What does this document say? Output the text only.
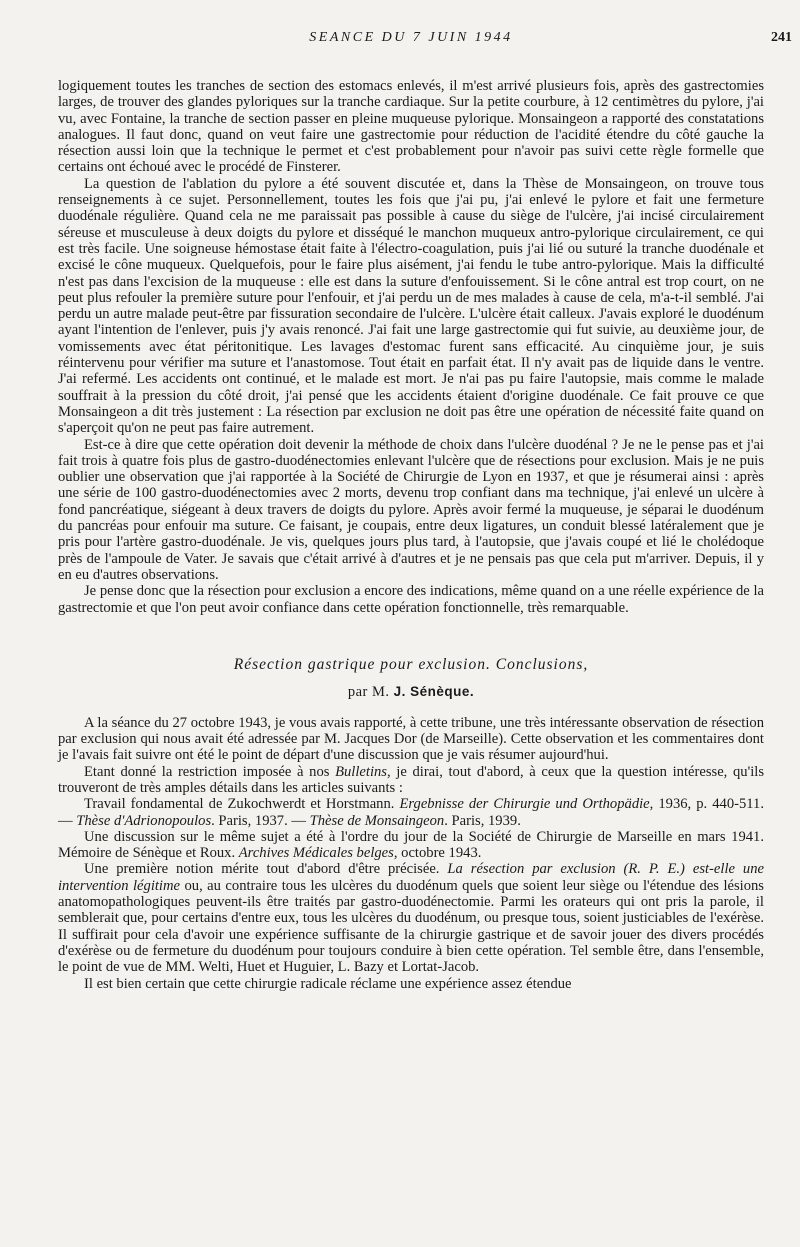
SEANCE DU 7 JUIN 1944	241

logiquement toutes les tranches de section des estomacs enlevés, il m'est arrivé plusieurs fois, après des gastrectomies larges, de trouver des glandes pyloriques sur la tranche cardiaque. Sur la petite courbure, à 12 centimètres du pylore, j'ai vu, avec Fontaine, la tranche de section passer en pleine muqueuse pylorique. Monsaingeon a rapporté des constatations analogues. Il faut donc, quand on veut faire une gastrectomie pour réduction de l'acidité étendre du côté gauche la résection aussi loin que la technique le permet et c'est probablement pour n'avoir pas suivi cette règle formelle que certains ont échoué avec le procédé de Finsterer.

La question de l'ablation du pylore a été souvent discutée et, dans la Thèse de Monsaingeon, on trouve tous renseignements à ce sujet. Personnellement, toutes les fois que j'ai pu, j'ai enlevé le pylore et fait une fermeture duodénale régulière. Quand cela ne me paraissait pas possible à cause du siège de l'ulcère, j'ai incisé circulairement séreuse et musculeuse à deux doigts du pylore et disséqué le manchon muqueux antro-pylorique circulairement, ce qui est très facile. Une soigneuse hémostase était faite à l'électro-coagulation, puis j'ai lié ou suturé la tranche duodénale et excisé le cône muqueux. Quelquefois, pour le faire plus aisément, j'ai fendu le tube antro-pylorique. Mais la difficulté n'est pas dans l'excision de la muqueuse : elle est dans la suture d'enfouissement. Si le cône antral est trop court, on ne peut plus refouler la première suture pour l'enfouir, et j'ai perdu un de mes malades à cause de cela, m'a-t-il semblé. J'ai perdu un autre malade peut-être par fissuration secondaire de l'ulcère. L'ulcère était calleux. J'avais exploré le duodénum ayant l'intention de l'enlever, puis j'y avais renoncé. J'ai fait une large gastrectomie qui fut suivie, au deuxième jour, de vomissements avec état péritonitique. Les lavages d'estomac furent sans efficacité. Au cinquième jour, je suis réintervenu pour vérifier ma suture et l'anastomose. Tout était en parfait état. Il n'y avait pas de liquide dans le ventre. J'ai refermé. Les accidents ont continué, et le malade est mort. Je n'ai pas pu faire l'autopsie, mais comme le malade souffrait à la pression du côté droit, j'ai pensé que les accidents étaient d'origine duodénale. Ce fait prouve ce que Monsaingeon a dit très justement : La résection par exclusion ne doit pas être une opération de nécessité faite quand on s'aperçoit qu'on ne peut pas faire autrement.

Est-ce à dire que cette opération doit devenir la méthode de choix dans l'ulcère duodénal ? Je ne le pense pas et j'ai fait trois à quatre fois plus de gastro-duodénectomies enlevant l'ulcère que de résections pour exclusion. Mais je ne puis oublier une observation que j'ai rapportée à la Société de Chirurgie de Lyon en 1937, et que je résumerai ainsi : après une série de 100 gastro-duodénectomies avec 2 morts, devenu trop confiant dans ma technique, j'ai enlevé un ulcère à fond pancréatique, siégeant à deux travers de doigts du pylore. Après avoir fermé la muqueuse, je séparai le duodénum du pancréas pour enfouir ma suture. Ce faisant, je coupais, entre deux ligatures, un conduit blessé latéralement que je pris pour l'artère gastro-duodénale. Je vis, quelques jours plus tard, à l'autopsie, que j'avais coupé et lié le cholédoque près de l'ampoule de Vater. Je savais que c'était arrivé à d'autres et je ne pensais pas que cela put m'arriver. Depuis, il y en eu d'autres observations.

Je pense donc que la résection pour exclusion a encore des indications, même quand on a une réelle expérience de la gastrectomie et que l'on peut avoir confiance dans cette opération fonctionnelle, très remarquable.

Résection gastrique pour exclusion. Conclusions,
par M. J. Sénèque.

A la séance du 27 octobre 1943, je vous avais rapporté, à cette tribune, une très intéressante observation de résection par exclusion qui nous avait été adressée par M. Jacques Dor (de Marseille). Cette observation et les commentaires dont je l'avais fait suivre ont été le point de départ d'une discussion que je vais résumer aujourd'hui.

Etant donné la restriction imposée à nos Bulletins, je dirai, tout d'abord, à ceux que la question intéresse, qu'ils trouveront de très amples détails dans les articles suivants :

Travail fondamental de Zukochwerdt et Horstmann. Ergebnisse der Chirurgie und Orthopädie, 1936, p. 440-511. — Thèse d'Adrionopoulos. Paris, 1937. — Thèse de Monsaingeon. Paris, 1939.

Une discussion sur le même sujet a été à l'ordre du jour de la Société de Chirurgie de Marseille en mars 1941. Mémoire de Sénèque et Roux. Archives Médicales belges, octobre 1943.

Une première notion mérite tout d'abord d'être précisée. La résection par exclusion (R. P. E.) est-elle une intervention légitime ou, au contraire tous les ulcères du duodénum quels que soient leur siège ou l'étendue des lésions anatomopathologiques peuvent-ils être traités par gastro-duodénectomie. Parmi les orateurs qui ont pris la parole, il semblerait que, pour certains d'entre eux, tous les ulcères du duodénum, ou presque tous, soient justiciables de l'exérèse. Il suffirait pour cela d'avoir une expérience suffisante de la chirurgie gastrique et de savoir jouer des divers procédés d'exérèse ou de fermeture du duodénum pour toujours conduire à bien cette opération. Tel semble être, dans l'ensemble, le point de vue de MM. Welti, Huet et Huguier, L. Bazy et Lortat-Jacob.

Il est bien certain que cette chirurgie radicale réclame une expérience assez étendue
